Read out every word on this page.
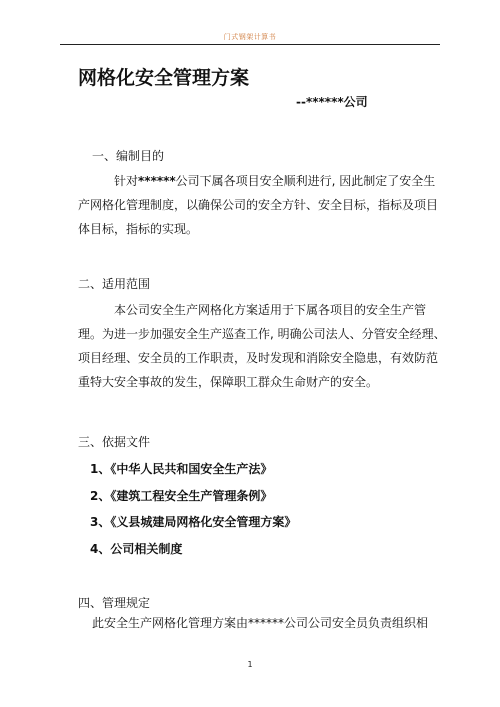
门式钢架计算书
网格化安全管理方案
--******公司
一、编制目的
针对******公司下属各项目安全顺利进行, 因此制定了安全生
产网格化管理制度，以确保公司的安全方针、安全目标，指标及项目
体目标，指标的实现。
二、适用范围
本公司安全生产网格化方案适用于下属各项目的安全生产管
理。为进一步加强安全生产巡查工作, 明确公司法人、分管安全经理、
项目经理、安全员的工作职责，及时发现和消除安全隐患，有效防范
重特大安全事故的发生，保障职工群众生命财产的安全。
三、依据文件
1、《中华人民共和国安全生产法》
2、《建筑工程安全生产管理条例》
3、《义县城建局网格化安全管理方案》
4、公司相关制度
四、管理规定
此安全生产网格化管理方案由******公司公司安全员负责组织相
1
